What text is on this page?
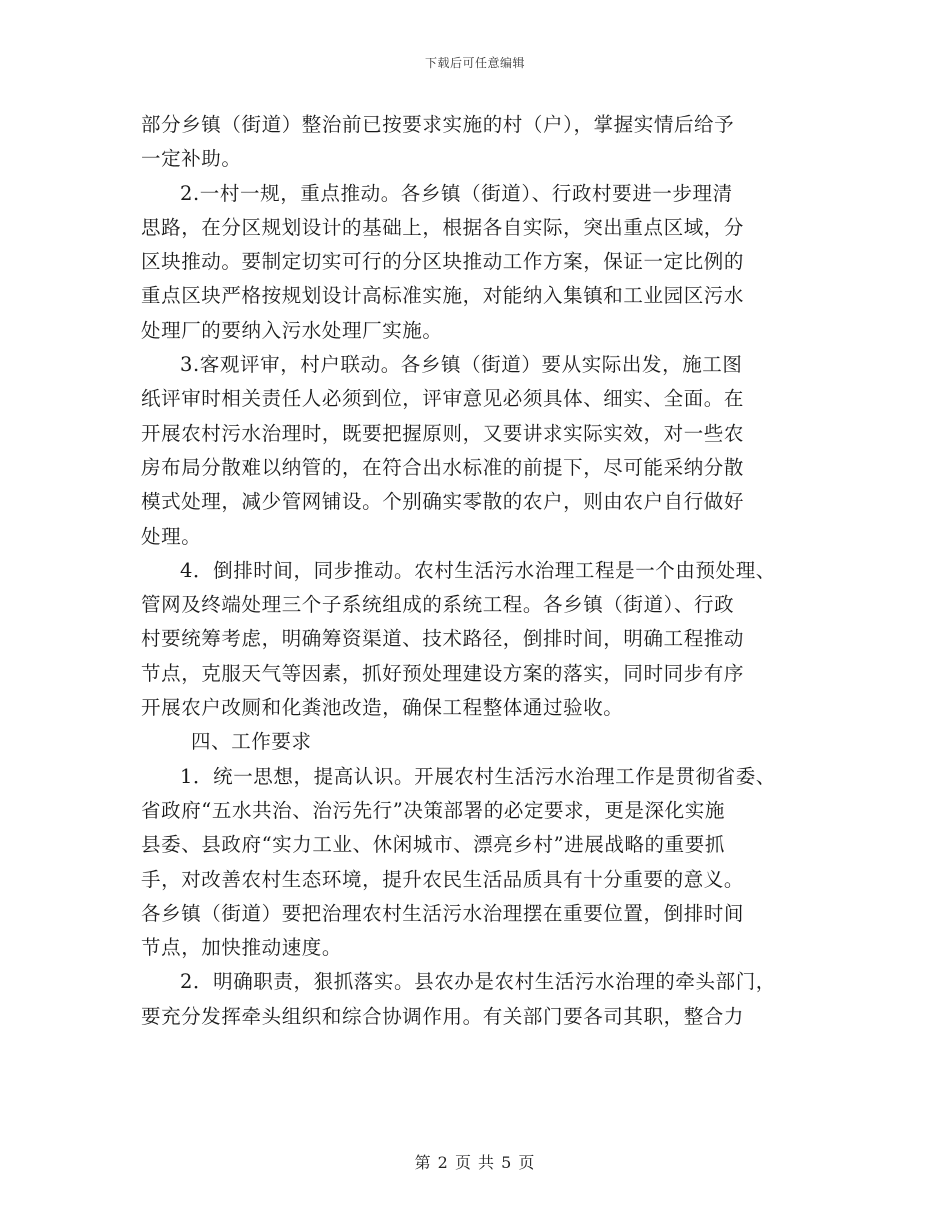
下载后可任意编辑
部分乡镇（街道）整治前已按要求实施的村（户），掌握实情后给予
一定补助。
2.一村一规，重点推动。各乡镇（街道）、行政村要进一步理清
思路，在分区规划设计的基础上，根据各自实际，突出重点区域，分
区块推动。要制定切实可行的分区块推动工作方案，保证一定比例的
重点区块严格按规划设计高标准实施，对能纳入集镇和工业园区污水
处理厂的要纳入污水处理厂实施。
3.客观评审，村户联动。各乡镇（街道）要从实际出发，施工图
纸评审时相关责任人必须到位，评审意见必须具体、细实、全面。在
开展农村污水治理时，既要把握原则，又要讲求实际实效，对一些农
房布局分散难以纳管的，在符合出水标准的前提下，尽可能采纳分散
模式处理，减少管网铺设。个别确实零散的农户，则由农户自行做好
处理。
4．倒排时间，同步推动。农村生活污水治理工程是一个由预处理、
管网及终端处理三个子系统组成的系统工程。各乡镇（街道）、行政
村要统筹考虑，明确筹资渠道、技术路径，倒排时间，明确工程推动
节点，克服天气等因素，抓好预处理建设方案的落实，同时同步有序
开展农户改厕和化粪池改造，确保工程整体通过验收。
四、工作要求
1．统一思想，提高认识。开展农村生活污水治理工作是贯彻省委、
省政府“五水共治、治污先行”决策部署的必定要求，更是深化实施
县委、县政府“实力工业、休闲城市、漂亮乡村”进展战略的重要抓
手，对改善农村生态环境，提升农民生活品质具有十分重要的意义。
各乡镇（街道）要把治理农村生活污水治理摆在重要位置，倒排时间
节点，加快推动速度。
2．明确职责，狠抓落实。县农办是农村生活污水治理的牵头部门，
要充分发挥牵头组织和综合协调作用。有关部门要各司其职，整合力
第 2 页 共 5 页
